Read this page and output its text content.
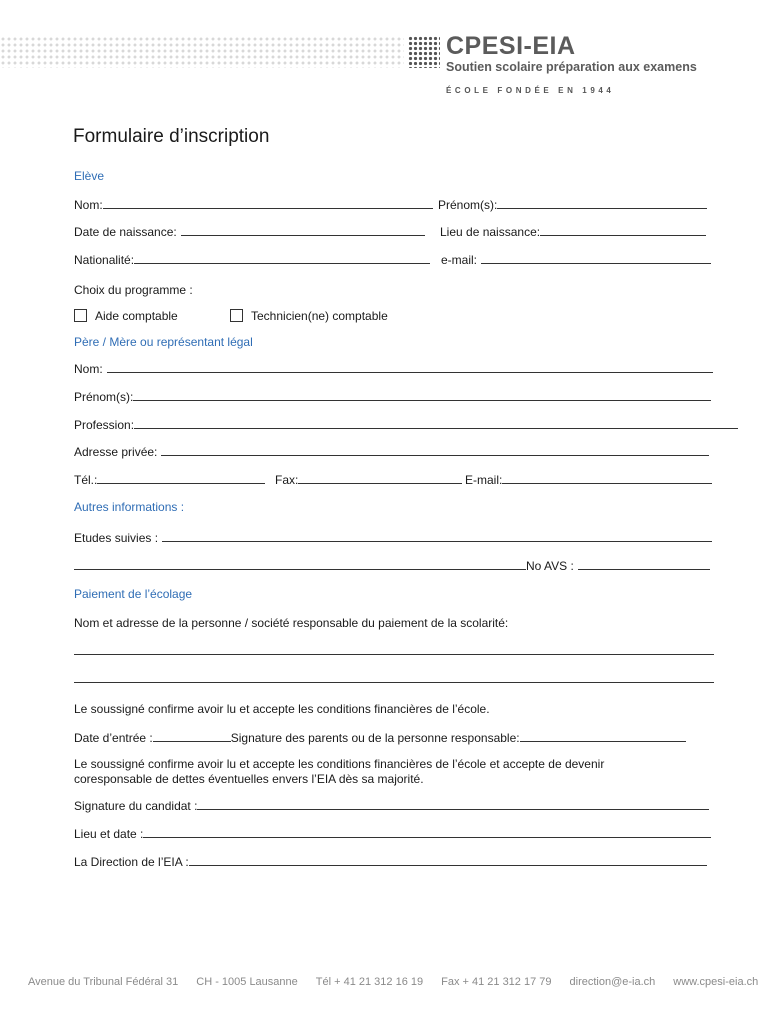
CPESI-EIA
Soutien scolaire préparation aux examens
ÉCOLE FONDÉE EN 1944
Formulaire d’inscription
Elève
Nom:	Prénom(s):
Date de naissance:	Lieu de naissance:
Nationalité:	e-mail:
Choix du programme :
Aide comptable	Technicien(ne) comptable
Père / Mère ou représentant légal
Nom:
Prénom(s):
Profession:
Adresse privée:
Tél.:	Fax:	E-mail:
Autres informations :
Etudes suivies :
No AVS :
Paiement de l’écolage
Nom et adresse de la personne / société responsable du paiement de la scolarité:
Le soussigné confirme avoir lu et accepte les conditions financières de l’école.
Date d’entrée :	Signature des parents ou de la personne responsable:
Le soussigné confirme avoir lu et accepte les conditions financières de l’école et accepte de devenir coresponsable de dettes éventuelles envers l’EIA dès sa majorité.
Signature du candidat :
Lieu et date :
La Direction de l’EIA :
Avenue du Tribunal Fédéral 31 CH - 1005 Lausanne Tél + 41 21 312 16 19 Fax + 41 21 312 17 79 direction@e-ia.ch www.cpesi-eia.ch
